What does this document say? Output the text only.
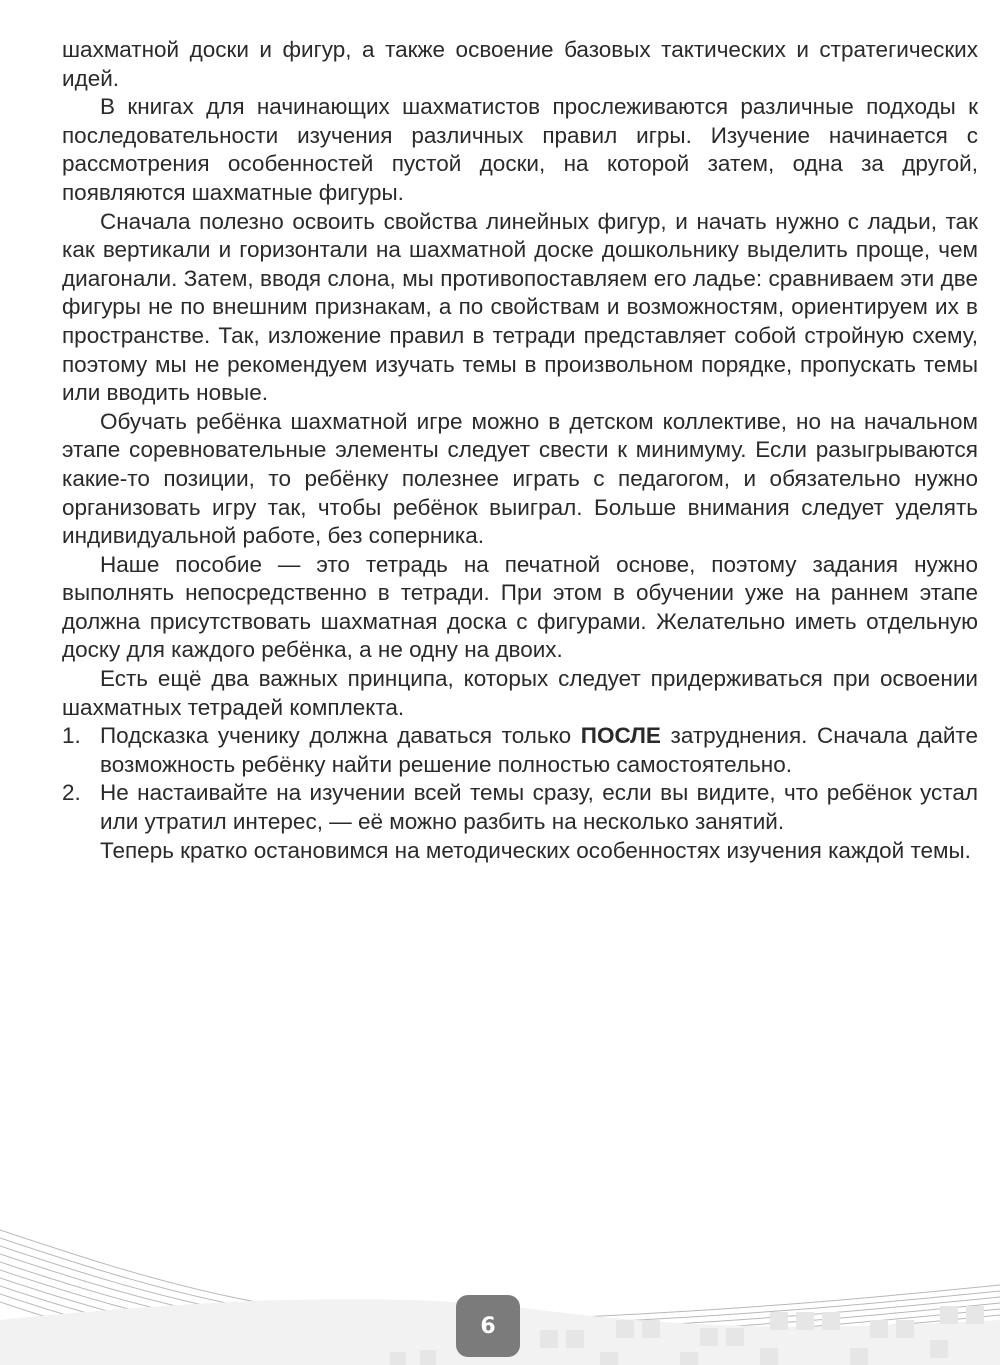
шахматной доски и фигур, а также освоение базовых тактических и стратегических идей.

В книгах для начинающих шахматистов прослеживаются различные подходы к последовательности изучения различных правил игры. Изучение начинается с рассмотрения особенностей пустой доски, на которой затем, одна за другой, появляются шахматные фигуры.

Сначала полезно освоить свойства линейных фигур, и начать нужно с ладьи, так как вертикали и горизонтали на шахматной доске дошкольнику выделить проще, чем диагонали. Затем, вводя слона, мы противопоставляем его ладье: сравниваем эти две фигуры не по внешним признакам, а по свойствам и возможностям, ориентируем их в пространстве. Так, изложение правил в тетради представляет собой стройную схему, поэтому мы не рекомендуем изучать темы в произвольном порядке, пропускать темы или вводить новые.

Обучать ребёнка шахматной игре можно в детском коллективе, но на начальном этапе соревновательные элементы следует свести к минимуму. Если разыгрываются какие-то позиции, то ребёнку полезнее играть с педагогом, и обязательно нужно организовать игру так, чтобы ребёнок выиграл. Больше внимания следует уделять индивидуальной работе, без соперника.

Наше пособие — это тетрадь на печатной основе, поэтому задания нужно выполнять непосредственно в тетради. При этом в обучении уже на раннем этапе должна присутствовать шахматная доска с фигурами. Желательно иметь отдельную доску для каждого ребёнка, а не одну на двоих.

Есть ещё два важных принципа, которых следует придерживаться при освоении шахматных тетрадей комплекта.

1. Подсказка ученику должна даваться только ПОСЛЕ затруднения. Сначала дайте возможность ребёнку найти решение полностью самостоятельно.
2. Не настаивайте на изучении всей темы сразу, если вы видите, что ребёнок устал или утратил интерес, — её можно разбить на несколько занятий.

Теперь кратко остановимся на методических особенностях изучения каждой темы.

6
